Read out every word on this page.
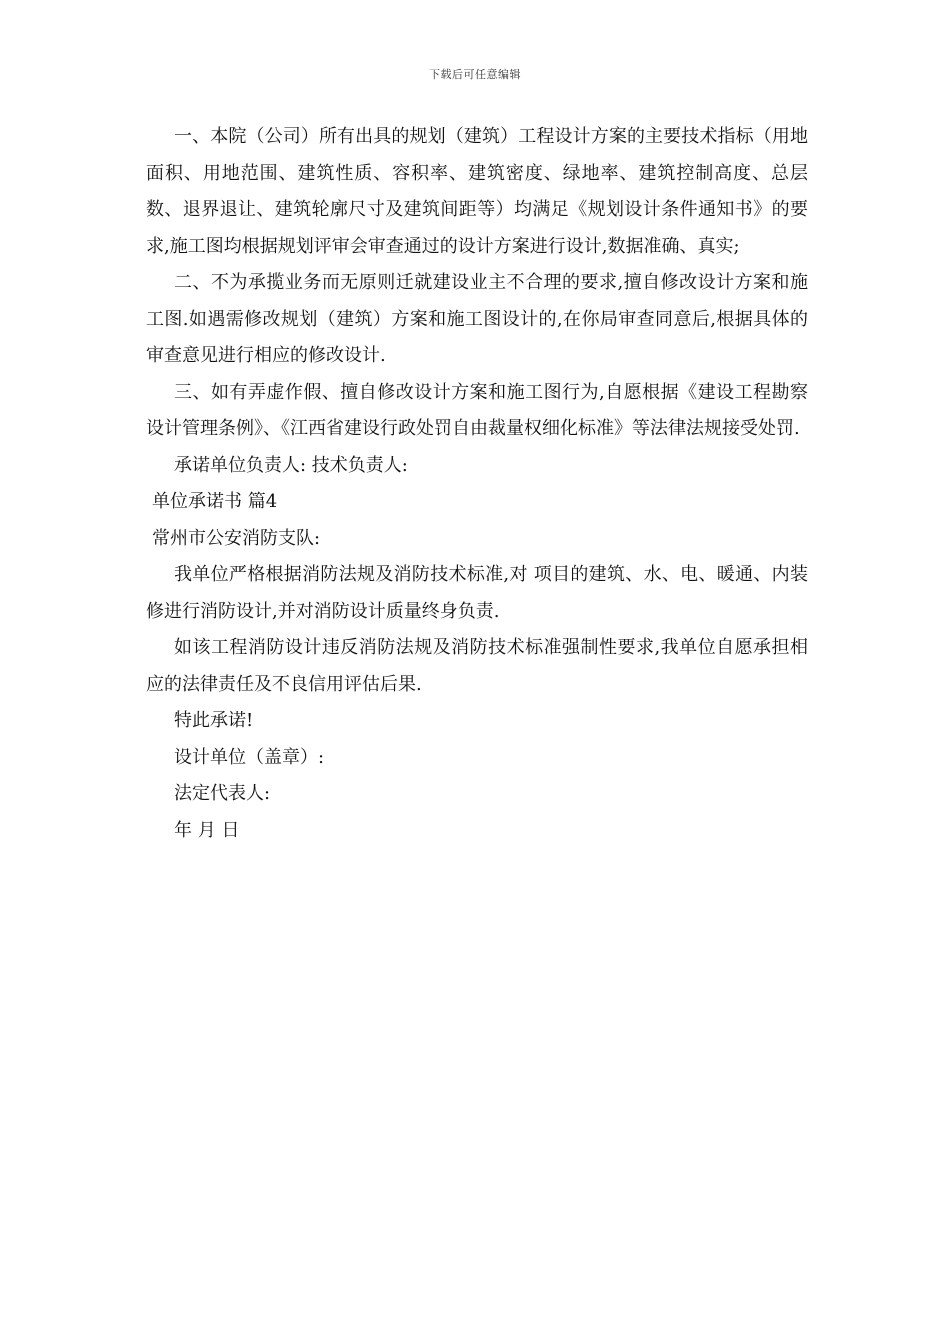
下载后可任意编辑

一、本院（公司）所有出具的规划（建筑）工程设计方案的主要技术指标（用地面积、用地范围、建筑性质、容积率、建筑密度、绿地率、建筑控制高度、总层数、退界退让、建筑轮廓尺寸及建筑间距等）均满足《规划设计条件通知书》的要求,施工图均根据规划评审会审查通过的设计方案进行设计,数据准确、真实;

二、不为承揽业务而无原则迁就建设业主不合理的要求,擅自修改设计方案和施工图.如遇需修改规划（建筑）方案和施工图设计的,在你局审查同意后,根据具体的审查意见进行相应的修改设计.

三、如有弄虚作假、擅自修改设计方案和施工图行为,自愿根据《建设工程勘察设计管理条例》、《江西省建设行政处罚自由裁量权细化标准》等法律法规接受处罚.

承诺单位负责人: 技术负责人:

单位承诺书 篇4

常州市公安消防支队:

我单位严格根据消防法规及消防技术标准,对 项目的建筑、水、电、暖通、内装修进行消防设计,并对消防设计质量终身负责.

如该工程消防设计违反消防法规及消防技术标准强制性要求,我单位自愿承担相应的法律责任及不良信用评估后果.

特此承诺!

设计单位（盖章）:

法定代表人:

年 月 日
